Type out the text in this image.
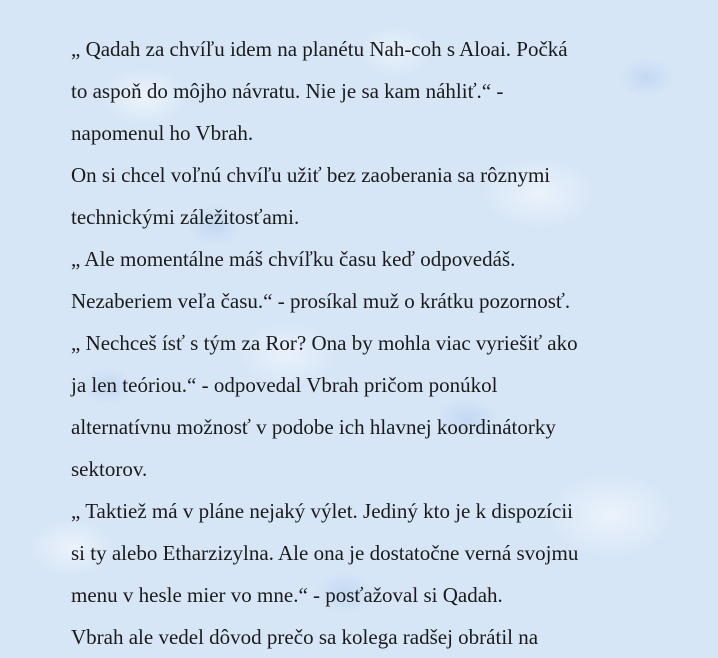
„ Qadah za chvíľu idem na planétu Nah-coh s Aloai. Počká

to aspoň do môjho návratu. Nie je sa kam náhliť.“ -

napomenul ho Vbrah.

On si chcel voľnú chvíľu užiť bez zaoberania sa rôznymi

technickými záležitosťami.

„ Ale momentálne máš chvíľku času keď odpovedáš.

Nezaberiem veľa času.“ - prosíkal muž o krátku pozornosť.

„ Nechceš ísť s tým za Ror? Ona by mohla viac vyriešiť ako

ja len teóriou.“ - odpovedal Vbrah pričom ponúkol

alternatívnu možnosť v podobe ich hlavnej koordinátorky

sektorov.

„ Taktiež má v pláne nejaký výlet. Jediný kto je k dispozícii

si ty alebo Etharzizylna. Ale ona je dostatočne verná svojmu

menu v hesle mier vo mne.“ - posťažoval si Qadah.

Vbrah ale vedel dôvod prečo sa kolega radšej obrátil na
